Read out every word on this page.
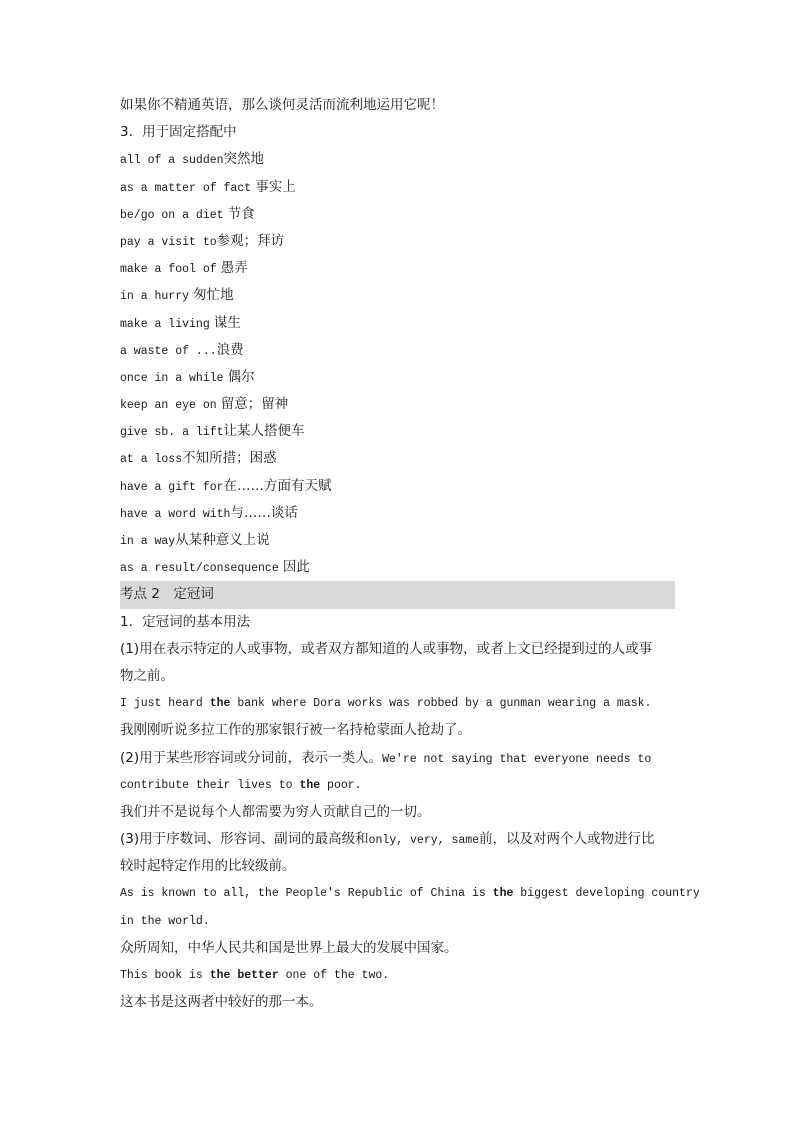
如果你不精通英语，那么谈何灵活而流利地运用它呢！
3．用于固定搭配中
all of a sudden突然地
as a matter of fact 事实上
be/go on a diet 节食
pay a visit to参观；拜访
make a fool of 愚弄
in a hurry 匆忙地
make a living 谋生
a waste of ...浪费
once in a while 偶尔
keep an eye on 留意；留神
give sb. a lift让某人搭便车
at a loss不知所措；困惑
have a gift for在……方面有天赋
have a word with与……谈话
in a way从某种意义上说
as a result/consequence 因此
考点 2　定冠词
1．定冠词的基本用法
(1)用在表示特定的人或事物，或者双方都知道的人或事物，或者上文已经提到过的人或事
物之前。
I just heard the bank where Dora works was robbed by a gunman wearing a mask.
我刚刚听说多拉工作的那家银行被一名持枪蒙面人抢劫了。
(2)用于某些形容词或分词前，表示一类人。We're not saying that everyone needs to
contribute their lives to the poor.
我们并不是说每个人都需要为穷人贡献自己的一切。
(3)用于序数词、形容词、副词的最高级和only, very, same前，以及对两个人或物进行比
较时起特定作用的比较级前。
As is known to all, the People's Republic of China is the biggest developing country
in the world.
众所周知，中华人民共和国是世界上最大的发展中国家。
This book is the better one of the two.
这本书是这两者中较好的那一本。
